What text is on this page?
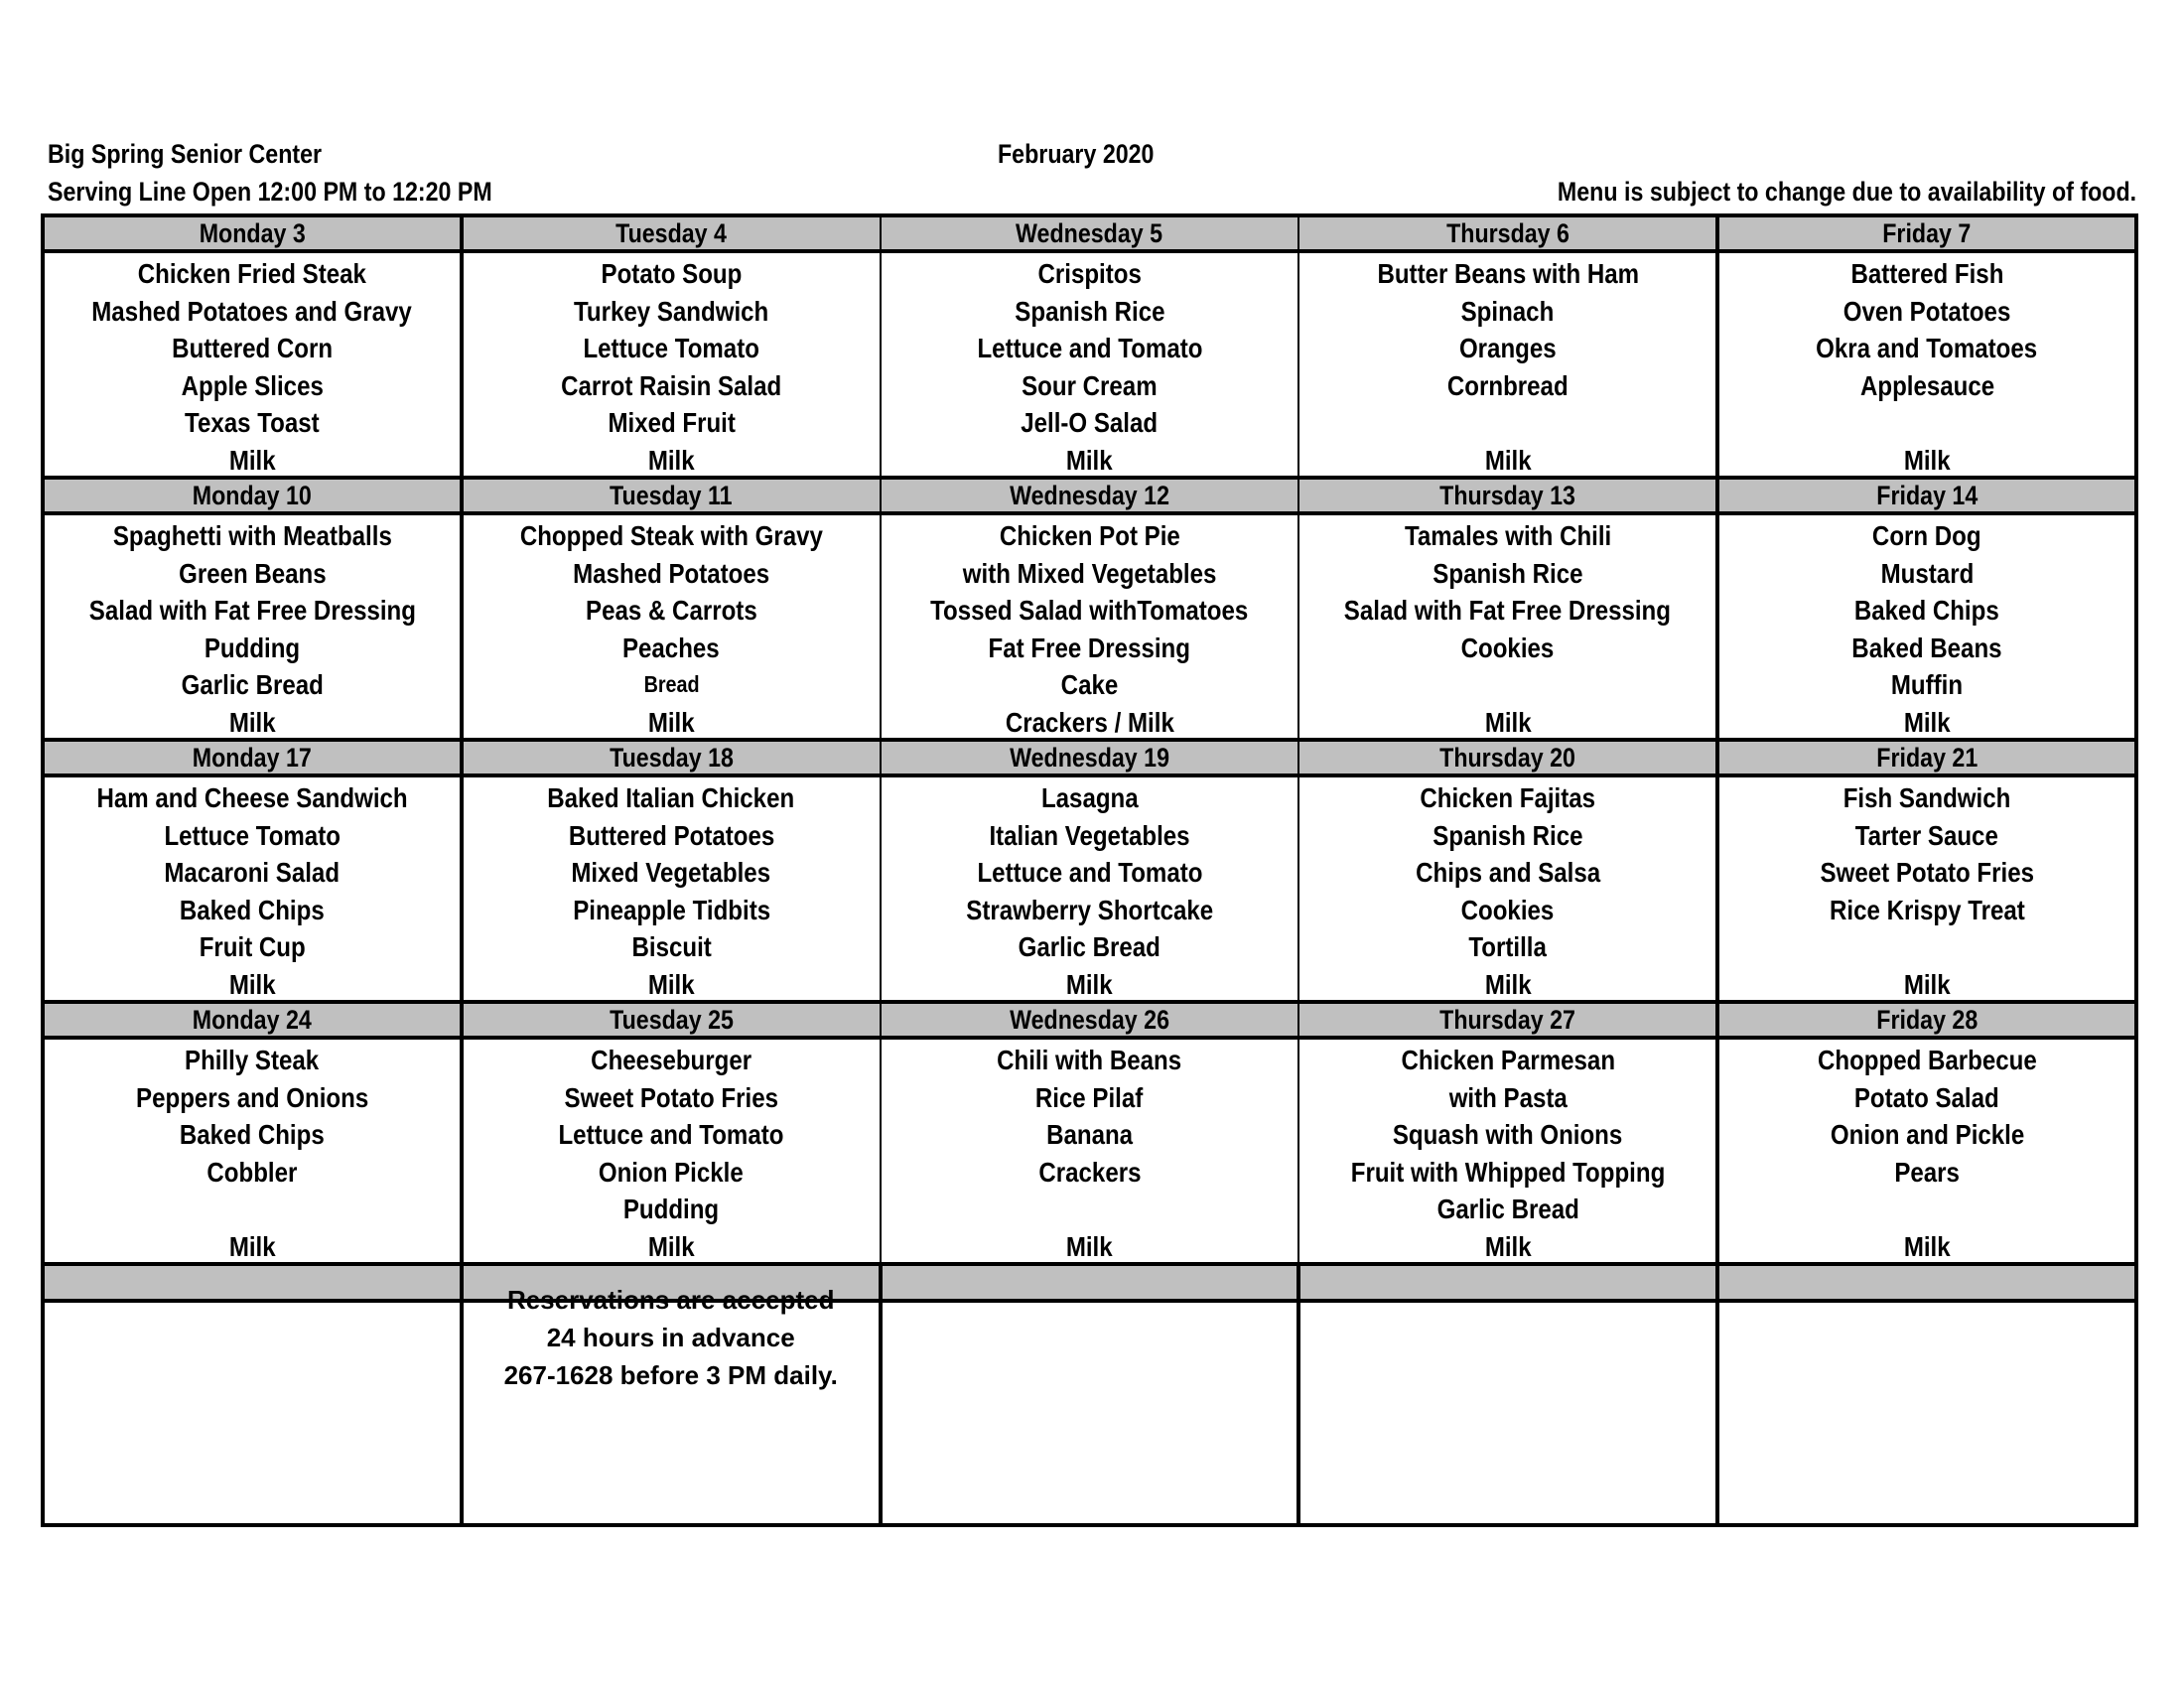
Big Spring Senior Center
Serving Line Open 12:00 PM to 12:20 PM
February 2020
Menu is subject to change due to availability of food.
Monday 3	Tuesday 4	Wednesday 5	Thursday 6	Friday 7

Chicken Fried Steak
Mashed Potatoes and Gravy
Buttered Corn
Apple Slices
Texas Toast
Milk

Potato Soup
Turkey Sandwich
Lettuce Tomato
Carrot Raisin Salad
Mixed Fruit
Milk

Crispitos
Spanish Rice
Lettuce and Tomato
Sour Cream
Jell-O Salad
Milk

Butter Beans with Ham
Spinach
Oranges
Cornbread
Milk

Battered Fish
Oven Potatoes
Okra and Tomatoes
Applesauce
Milk

Monday 10	Tuesday 11	Wednesday 12	Thursday 13	Friday 14

Spaghetti with Meatballs
Green Beans
Salad with Fat Free Dressing
Pudding
Garlic Bread
Milk

Chopped Steak with Gravy
Mashed Potatoes
Peas & Carrots
Peaches
Bread
Milk

Chicken Pot Pie
with Mixed Vegetables
Tossed Salad withTomatoes
Fat Free Dressing
Cake
Crackers / Milk

Tamales with Chili
Spanish Rice
Salad with Fat Free Dressing
Cookies
Milk

Corn Dog
Mustard
Baked Chips
Baked Beans
Muffin
Milk

Monday 17	Tuesday 18	Wednesday 19	Thursday 20	Friday 21

Ham and Cheese Sandwich
Lettuce Tomato
Macaroni Salad
Baked Chips
Fruit Cup
Milk

Baked Italian Chicken
Buttered Potatoes
Mixed Vegetables
Pineapple Tidbits
Biscuit
Milk

Lasagna
Italian Vegetables
Lettuce and Tomato
Strawberry Shortcake
Garlic Bread
Milk

Chicken Fajitas
Spanish Rice
Chips and Salsa
Cookies
Tortilla
Milk

Fish Sandwich
Tarter Sauce
Sweet Potato Fries
Rice Krispy Treat
Milk

Monday 24	Tuesday 25	Wednesday 26	Thursday 27	Friday 28

Philly Steak
Peppers and Onions
Baked Chips
Cobbler
Milk

Cheeseburger
Sweet Potato Fries
Lettuce and Tomato
Onion Pickle
Pudding
Milk

Chili with Beans
Rice Pilaf
Banana
Crackers
Milk

Chicken Parmesan
with Pasta
Squash with Onions
Fruit with Whipped Topping
Garlic Bread
Milk

Chopped Barbecue
Potato Salad
Onion and Pickle
Pears
Milk

	Reservations are accepted
24 hours in advance
267-1628 before 3 PM daily.			
